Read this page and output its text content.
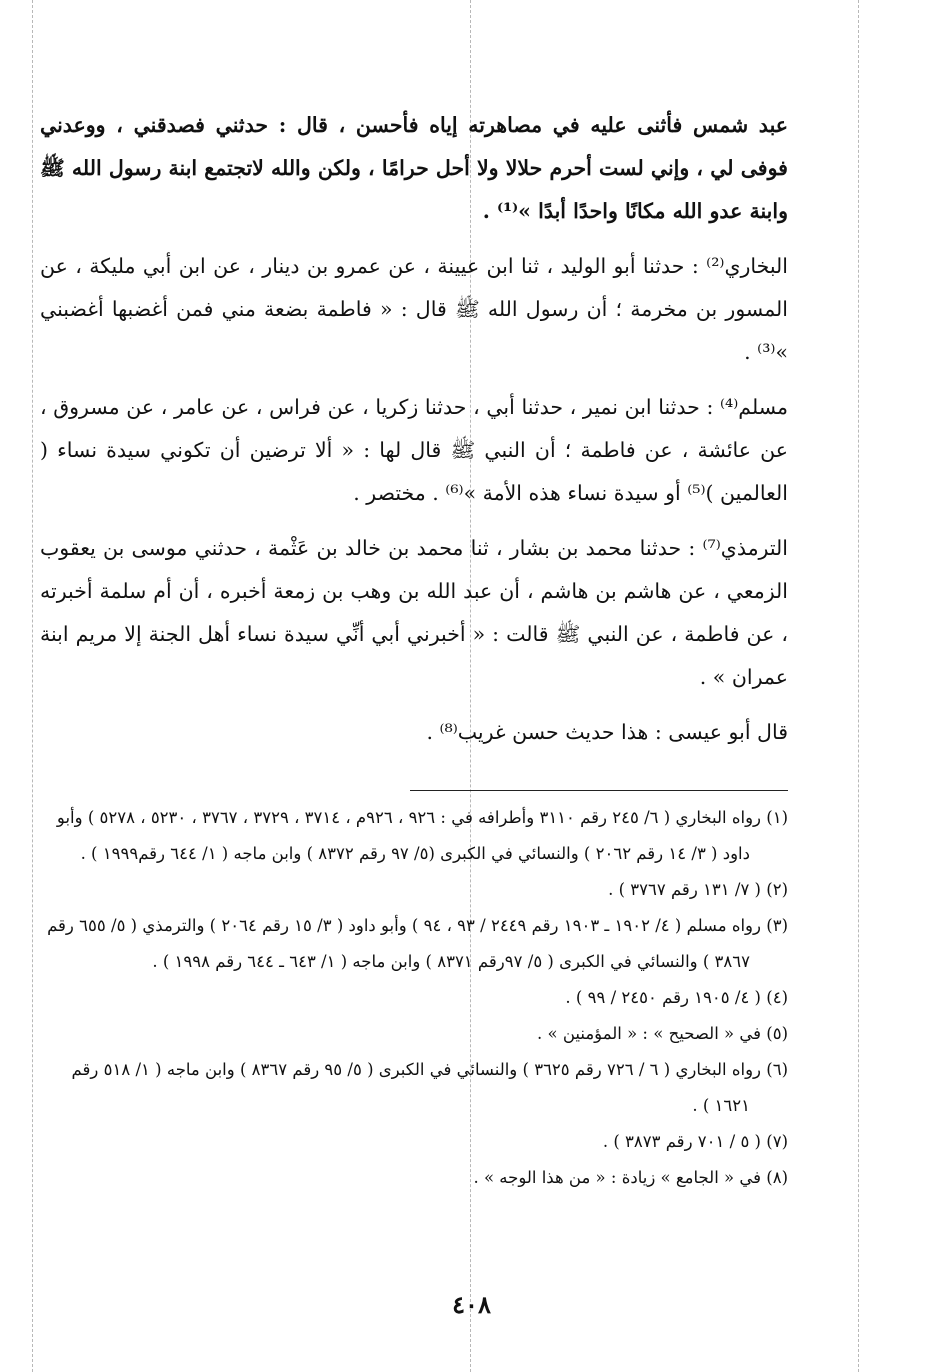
عبد شمس فأثنى عليه في مصاهرته إياه فأحسن ، قال : حدثني فصدقني ، ووعدني فوفى لي ، وإني لست أحرم حلالا ولا أحل حرامًا ، ولكن والله لاتجتمع ابنة رسول الله ﷺ وابنة عدو الله مكانًا واحدًا أبدًا »⁽¹⁾ .

البخاري⁽²⁾ : حدثنا أبو الوليد ، ثنا ابن عيينة ، عن عمرو بن دينار ، عن ابن أبي مليكة ، عن المسور بن مخرمة ؛ أن رسول الله ﷺ قال : « فاطمة بضعة مني فمن أغضبها أغضبني »⁽³⁾ .

مسلم⁽⁴⁾ : حدثنا ابن نمير ، حدثنا أبي ، حدثنا زكريا ، عن فراس ، عن عامر ، عن مسروق ، عن عائشة ، عن فاطمة ؛ أن النبي ﷺ قال لها : « ألا ترضين أن تكوني سيدة نساء ( العالمين )⁽⁵⁾ أو سيدة نساء هذه الأمة »⁽⁶⁾ . مختصر .

الترمذي⁽⁷⁾ : حدثنا محمد بن بشار ، ثنا محمد بن خالد بن عَثْمة ، حدثني موسى بن يعقوب الزمعي ، عن هاشم بن هاشم ، أن عبد الله بن وهب بن زمعة أخبره ، أن أم سلمة أخبرته ، عن فاطمة ، عن النبي ﷺ قالت : « أخبرني أبي أنِّي سيدة نساء أهل الجنة إلا مريم ابنة عمران » .

قال أبو عيسى : هذا حديث حسن غريب⁽⁸⁾ .

(١) رواه البخاري ( ٦/ ٢٤٥ رقم ٣١١٠ وأطرافه في : ٩٢٦ ، ٩٢٦م ، ٣٧١٤ ، ٣٧٢٩ ، ٣٧٦٧ ، ٥٢٣٠ ، ٥٢٧٨ ) وأبو داود ( ٣/ ١٤ رقم ٢٠٦٢ ) والنسائي في الكبرى (٥/ ٩٧ رقم ٨٣٧٢ ) وابن ماجه ( ١/ ٦٤٤ رقم١٩٩٩ ) .

(٢) ( ٧/ ١٣١ رقم ٣٧٦٧ ) .

(٣) رواه مسلم ( ٤/ ١٩٠٢ ـ ١٩٠٣ رقم ٢٤٤٩ / ٩٣ ، ٩٤ ) وأبو داود ( ٣/ ١٥ رقم ٢٠٦٤ ) والترمذي ( ٥/ ٦٥٥ رقم ٣٨٦٧ ) والنسائي في الكبرى ( ٥/ ٩٧رقم ٨٣٧١ ) وابن ماجه ( ١/ ٦٤٣ ـ ٦٤٤ رقم ١٩٩٨ ) .

(٤) ( ٤/ ١٩٠٥ رقم ٢٤٥٠ / ٩٩ ) .

(٥) في « الصحيح » : « المؤمنين » .

(٦) رواه البخاري ( ٦ / ٧٢٦ رقم ٣٦٢٥ ) والنسائي في الكبرى ( ٥/ ٩٥ رقم ٨٣٦٧ ) وابن ماجه ( ١/ ٥١٨ رقم ١٦٢١ ) .

(٧) ( ٥ / ٧٠١ رقم ٣٨٧٣ ) .

(٨) في « الجامع » زيادة : « من هذا الوجه » .

٤٠٨
